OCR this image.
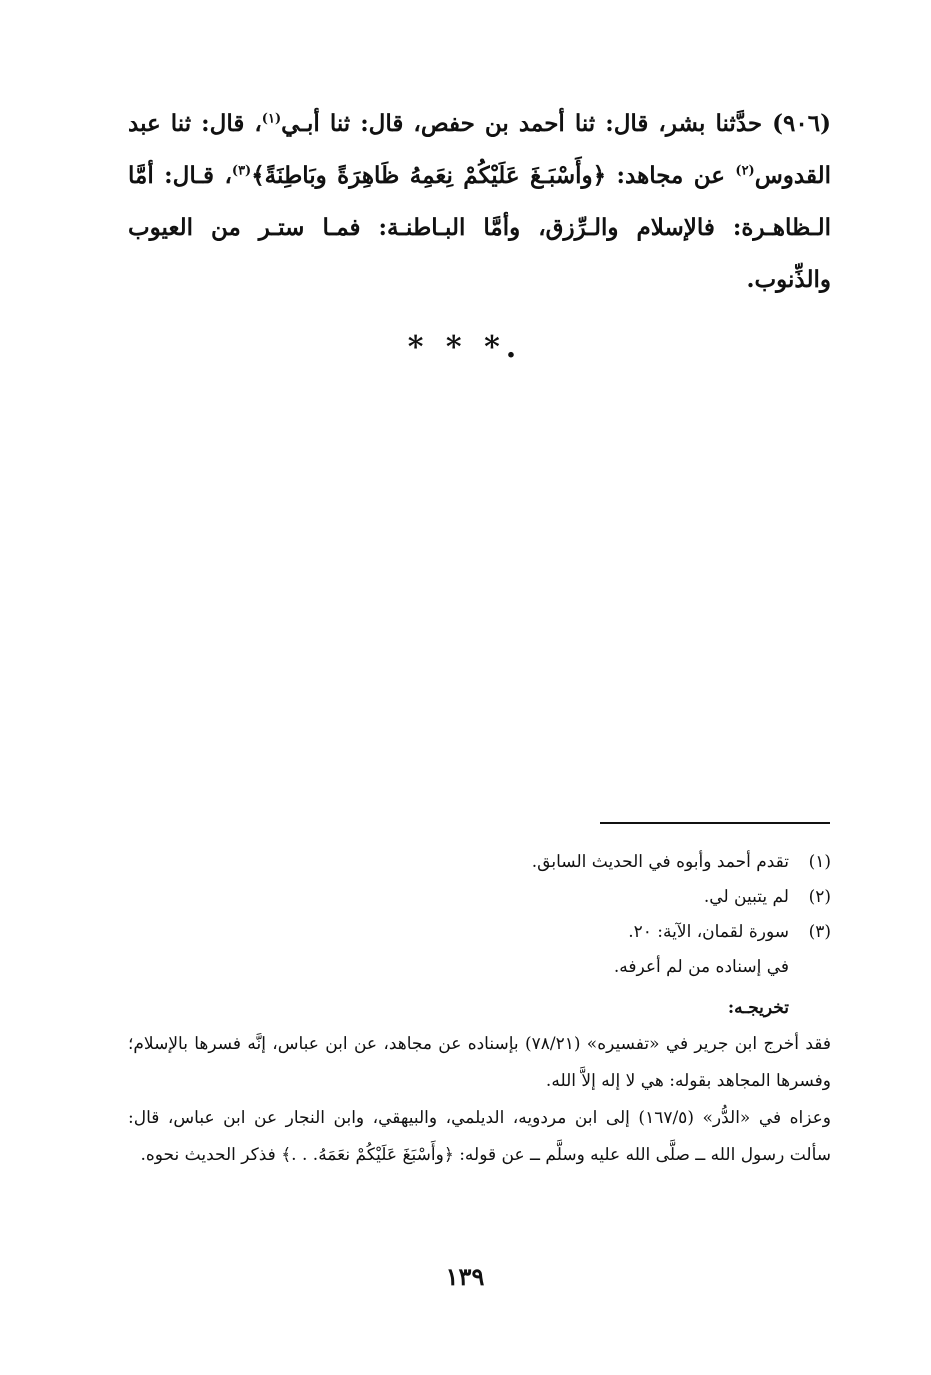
(٩٠٦) حدَّثنا بشر، قال: ثنا أحمد بن حفص، قال: ثنا أبـي$^{(١)}$، قال: ثنا عبد القدوس$^{(٢)}$ عن مجاهد: ﴿وأَسْبَـغَ عَلَيْكُمْ نِعَمِهُ ظَاهِرَةً وبَاطِنَةً﴾$^{(٣)}$، قـال: أمَّا الـظاهـرة: فالإسلام والـرِّزق، وأمَّا البـاطنـة: فمـا ستـر من العيوب والذِّنوب.

* * *.
(١)تقدم أحمد وأبوه في الحديث السابق.
(٢)لم يتبين لي.
(٣)سورة لقمان، الآية: ٢٠.
في إسناده من لم أعرفه.
تخريجـه:
فقد أخرج ابن جرير في «تفسيره» (٧٨/٢١) بإسناده عن مجاهد، عن ابن عباس، إنَّه فسرها بالإسلام؛ وفسرها المجاهد بقوله: هي لا إله إلاَّ الله.
وعزاه في «الدُّر» (١٦٧/٥) إلى ابن مردويه، الديلمي، والبيهقي، وابن النجار عن ابن عباس، قال: سألت رسول الله ــ صلَّى الله عليه وسلَّم ــ عن قوله: ﴿وأَسْبَغَ عَلَيْكُمْ نعَمَهُ. . .﴾ فذكر الحديث نحوه.
١٣٩
